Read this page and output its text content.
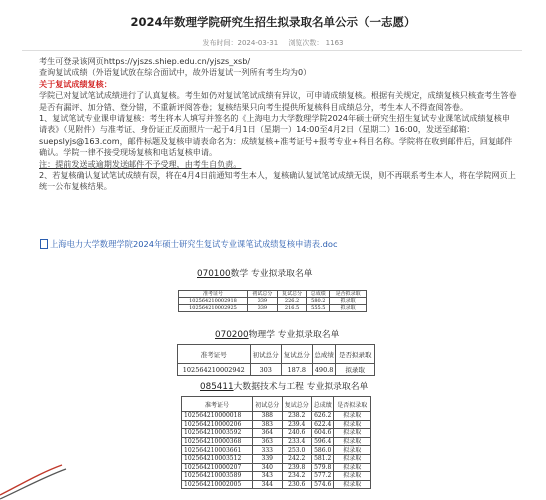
2024年数理学院研究生招生拟录取名单公示（一志愿）
发布时间：2024-03-31 浏览次数： 1163

考生可登录该网页https://yjszs.shiep.edu.cn/yjszs_xsb/

查询复试成绩（外语复试放在综合面试中，故外语复试一列所有考生均为0）

关于复试成绩复核：

学院已对复试笔试成绩进行了认真复核。考生如仍对复试笔试成绩有异议，可申请成绩复核。根据有关规定，成绩复核只核查考生答卷是否有漏评、加分错、登分错，不重新评阅答卷；复核结果只向考生提供所复核科目成绩总分，考生本人不得查阅答卷。

1、复试笔试专业课申请复核：考生将本人填写并签名的《上海电力大学数理学院2024年硕士研究生招生复试专业课笔试成绩复核申请表》（见附件）与准考证、身份证正反面照片一起于4月1日（星期一）14:00至4月2日（星期二）16:00，发送至邮箱：suepslyjs@163.com，邮件标题及复核申请表命名为：成绩复核+准考证号+报考专业+科目名称。学院将在收到邮件后，回复邮件确认。学院一律不接受现场复核和电话复核申请。

注：提前发送或逾期发送邮件不予受理，由考生自负责。

2、若复核确认复试笔试成绩有误，将在4月4日前通知考生本人，复核确认复试笔试成绩无误，则不再联系考生本人，将在学院网页上统一公布复核结果。

上海电力大学数理学院2024年硕士研究生复试专业课笔试成绩复核申请表.doc
070100数学 专业拟录取名单
准考证号	初试总分	复试总分	总成绩	是否拟录取
102564210002918	339	226.2	580.2	拟录取
102564210002925	339	216.5	555.5	拟录取
070200物理学 专业拟录取名单
准考证号	初试总分	复试总分	总成绩	是否拟录取
102564210002942	303	187.8	490.8	拟录取
085411大数据技术与工程 专业拟录取名单
准考证号	初试总分	复试总分	总成绩	是否拟录取
102564210000018	388	238.2	626.2	拟录取
102564210000206	383	239.4	622.4	拟录取
102564210003592	364	240.6	604.6	拟录取
102564210000368	363	233.4	596.4	拟录取
102564210003661	333	253.0	586.0	拟录取
102564210003512	339	242.2	581.2	拟录取
102564210000207	340	239.8	579.8	拟录取
102564210003589	343	234.2	577.2	拟录取
102564210002005	344	230.6	574.6	拟录取
